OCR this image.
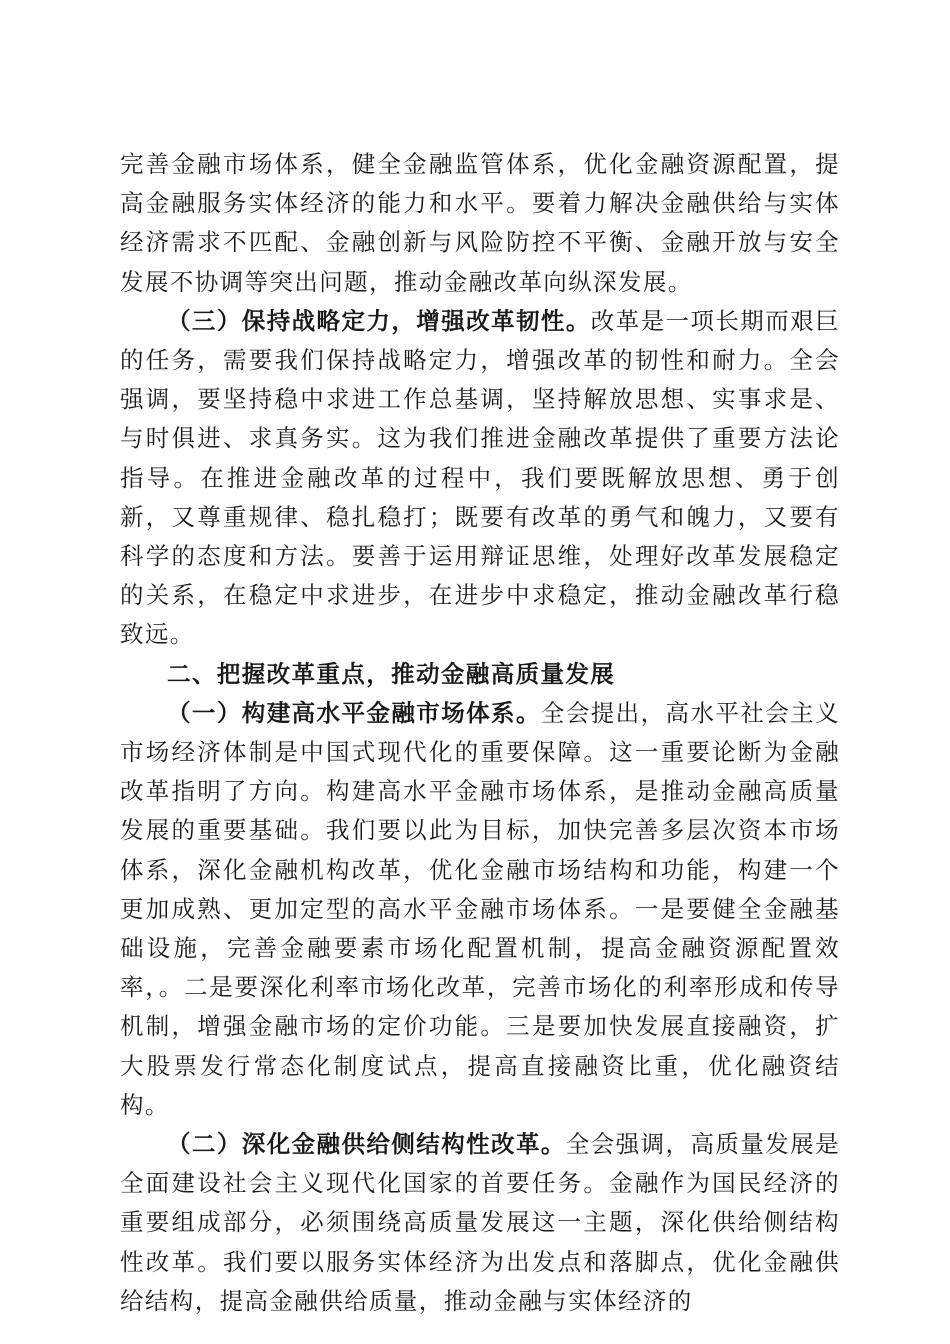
完善金融市场体系，健全金融监管体系，优化金融资源配置，提高金融服务实体经济的能力和水平。要着力解决金融供给与实体经济需求不匹配、金融创新与风险防控不平衡、金融开放与安全发展不协调等突出问题，推动金融改革向纵深发展。

（三）保持战略定力，增强改革韧性。改革是一项长期而艰巨的任务，需要我们保持战略定力，增强改革的韧性和耐力。全会强调，要坚持稳中求进工作总基调，坚持解放思想、实事求是、与时俱进、求真务实。这为我们推进金融改革提供了重要方法论指导。在推进金融改革的过程中，我们要既解放思想、勇于创新，又尊重规律、稳扎稳打；既要有改革的勇气和魄力，又要有科学的态度和方法。要善于运用辩证思维，处理好改革发展稳定的关系，在稳定中求进步，在进步中求稳定，推动金融改革行稳致远。

二、把握改革重点，推动金融高质量发展

（一）构建高水平金融市场体系。全会提出，高水平社会主义市场经济体制是中国式现代化的重要保障。这一重要论断为金融改革指明了方向。构建高水平金融市场体系，是推动金融高质量发展的重要基础。我们要以此为目标，加快完善多层次资本市场体系，深化金融机构改革，优化金融市场结构和功能，构建一个更加成熟、更加定型的高水平金融市场体系。一是要健全金融基础设施，完善金融要素市场化配置机制，提高金融资源配置效率，。二是要深化利率市场化改革，完善市场化的利率形成和传导机制，增强金融市场的定价功能。三是要加快发展直接融资，扩大股票发行常态化制度试点，提高直接融资比重，优化融资结构。

（二）深化金融供给侧结构性改革。全会强调，高质量发展是全面建设社会主义现代化国家的首要任务。金融作为国民经济的重要组成部分，必须围绕高质量发展这一主题，深化供给侧结构性改革。我们要以服务实体经济为出发点和落脚点，优化金融供给结构，提高金融供给质量，推动金融与实体经济的
